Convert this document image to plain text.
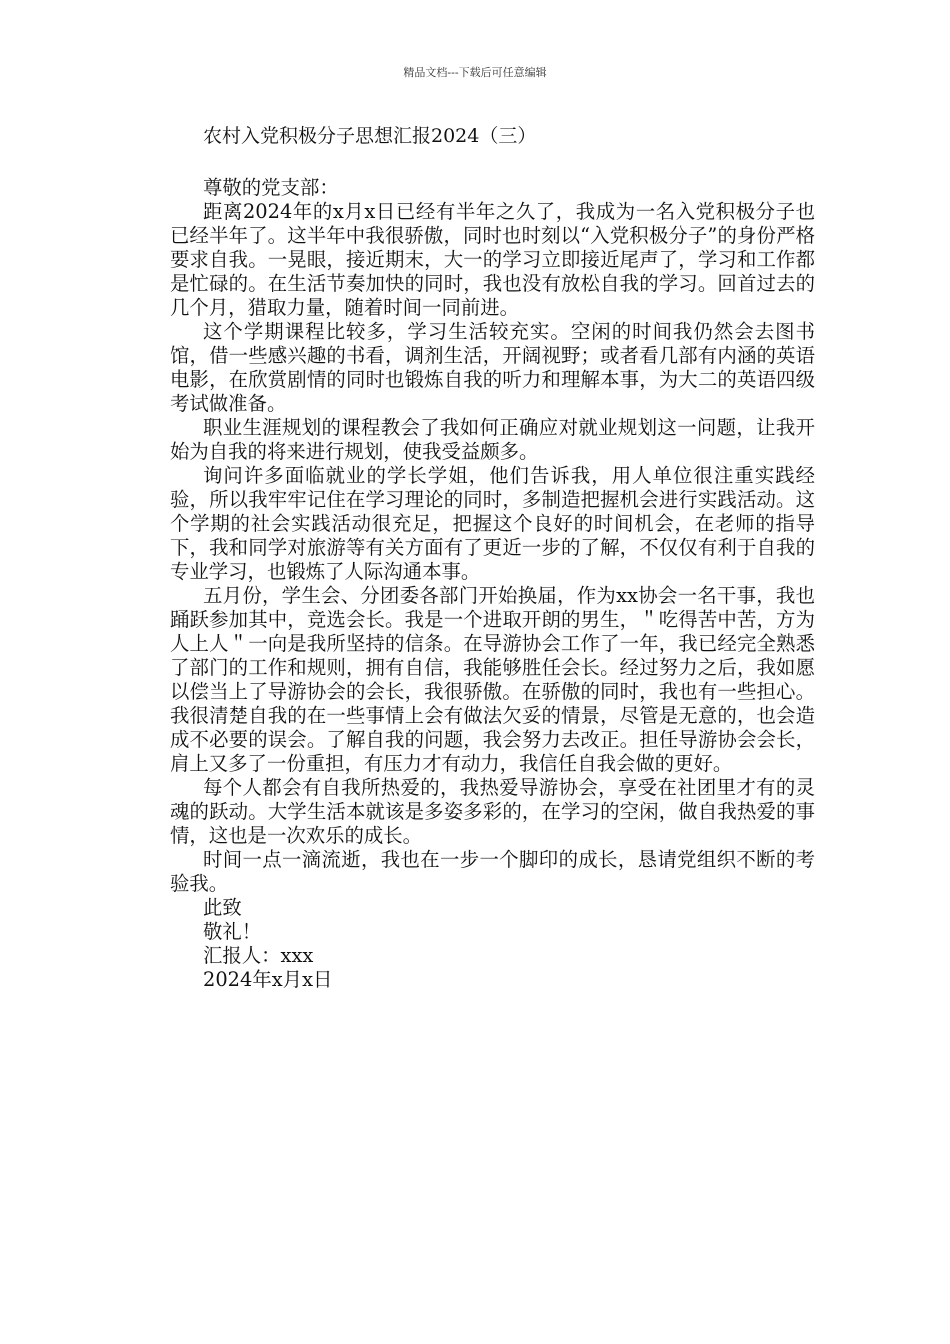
精品文档---下载后可任意编辑
农村入党积极分子思想汇报2024（三）

尊敬的党支部：

距离2024年的x月x日已经有半年之久了，我成为一名入党积极分子也已经半年了。这半年中我很骄傲，同时也时刻以“入党积极分子”的身份严格要求自我。一晃眼，接近期末，大一的学习立即接近尾声了，学习和工作都是忙碌的。在生活节奏加快的同时，我也没有放松自我的学习。回首过去的几个月，猎取力量，随着时间一同前进。

这个学期课程比较多，学习生活较充实。空闲的时间我仍然会去图书馆，借一些感兴趣的书看，调剂生活，开阔视野；或者看几部有内涵的英语电影，在欣赏剧情的同时也锻炼自我的听力和理解本事，为大二的英语四级考试做准备。

职业生涯规划的课程教会了我如何正确应对就业规划这一问题，让我开始为自我的将来进行规划，使我受益颇多。

询问许多面临就业的学长学姐，他们告诉我，用人单位很注重实践经验，所以我牢牢记住在学习理论的同时，多制造把握机会进行实践活动。这个学期的社会实践活动很充足，把握这个良好的时间机会，在老师的指导下，我和同学对旅游等有关方面有了更近一步的了解，不仅仅有利于自我的专业学习，也锻炼了人际沟通本事。

五月份，学生会、分团委各部门开始换届，作为xx协会一名干事，我也踊跃参加其中，竞选会长。我是一个进取开朗的男生，＂吃得苦中苦，方为人上人＂一向是我所坚持的信条。在导游协会工作了一年，我已经完全熟悉了部门的工作和规则，拥有自信，我能够胜任会长。经过努力之后，我如愿以偿当上了导游协会的会长，我很骄傲。在骄傲的同时，我也有一些担心。我很清楚自我的在一些事情上会有做法欠妥的情景，尽管是无意的，也会造成不必要的误会。了解自我的问题，我会努力去改正。担任导游协会会长，肩上又多了一份重担，有压力才有动力，我信任自我会做的更好。

每个人都会有自我所热爱的，我热爱导游协会，享受在社团里才有的灵魂的跃动。大学生活本就该是多姿多彩的，在学习的空闲，做自我热爱的事情，这也是一次欢乐的成长。

时间一点一滴流逝，我也在一步一个脚印的成长，恳请党组织不断的考验我。

此致

敬礼！

汇报人：xxx

2024年x月x日
